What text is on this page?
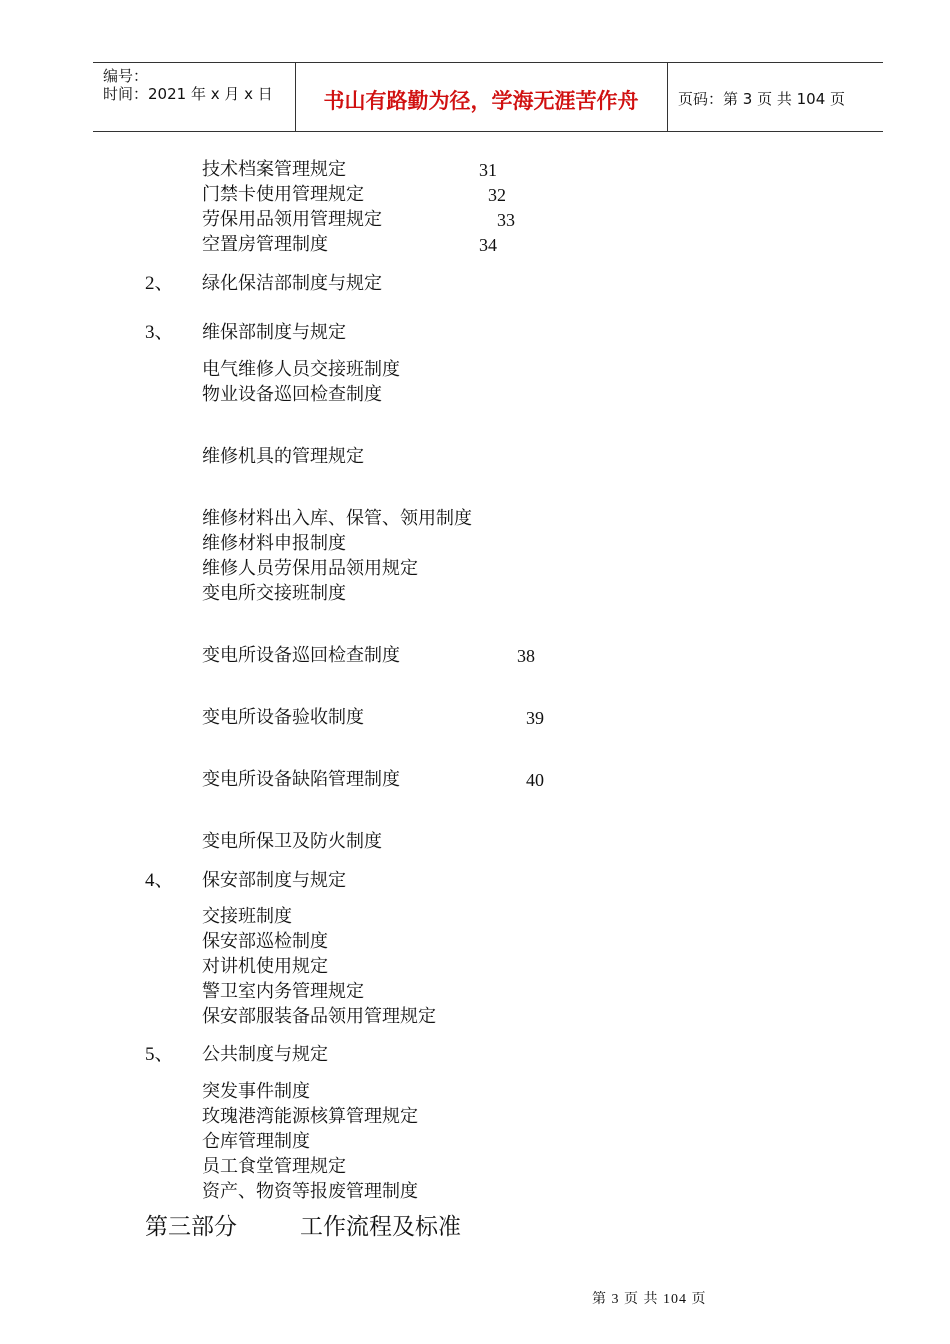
编号：
时间：2021 年 x 月 x 日	书山有路勤为径，学海无涯苦作舟	页码：第 3 页 共 104 页
技术档案管理规定	31
门禁卡使用管理规定	32
劳保用品领用管理规定	33
空置房管理制度	34
2、 绿化保洁部制度与规定
3、 维保部制度与规定
电气维修人员交接班制度
物业设备巡回检查制度
维修机具的管理规定
维修材料出入库、保管、领用制度
维修材料申报制度
维修人员劳保用品领用规定
变电所交接班制度
变电所设备巡回检查制度	38
变电所设备验收制度	39
变电所设备缺陷管理制度	40
变电所保卫及防火制度
4、 保安部制度与规定
交接班制度
保安部巡检制度
对讲机使用规定
警卫室内务管理规定
保安部服装备品领用管理规定
5、 公共制度与规定
突发事件制度
玫瑰港湾能源核算管理规定
仓库管理制度
员工食堂管理规定
资产、物资等报废管理制度
第三部分	工作流程及标准
第 3 页 共 104 页
